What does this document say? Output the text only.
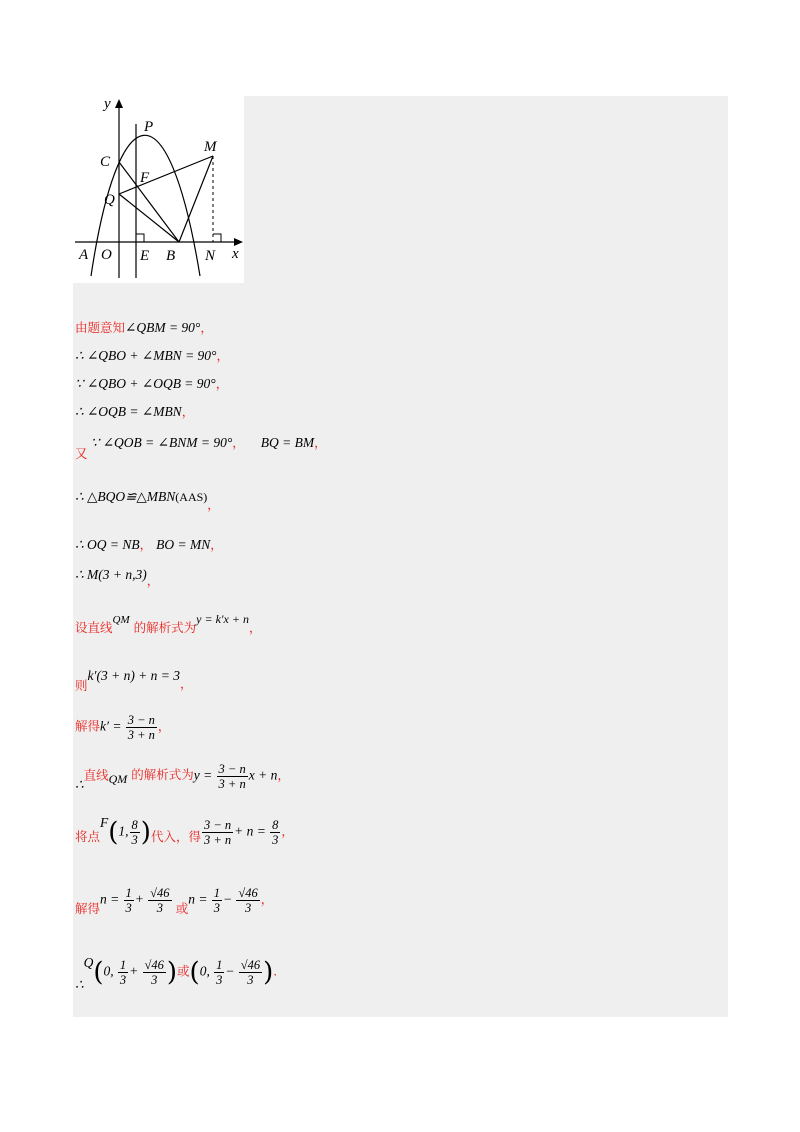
y
P
C
M
F
Q
A O E B N x
由题意知∠QBM = 90°，
∴ ∠QBO + ∠MBN = 90°，
∵ ∠QBO + ∠OQB = 90°，
∴ ∠OQB = ∠MBN，
又 ∵ ∠QOB = ∠BNM = 90°， BQ = BM，
∴ △BQO≌△MBN(AAS)，
∴ OQ = NB， BO = MN，
∴ M(3 + n,3)，
设直线$^{QM}$ 的解析式为y = k′x + n，
则k′(3 + n) + n = 3，
解得$k' = \frac{3 - n}{3 + n}$ ，
∴直线QM 的解析式为$y = \frac{3 - n}{3 + n}$ x + n，
将点F(1, $\frac{8}{3}$ )代入，得 $\frac{3 - n}{3 + n} + n = \frac{8}{3}$ ，
解得$n = \frac{1}{3} + \frac{√46}{3}$ 或$n = \frac{1}{3} - \frac{√46}{3}$ ，
∴Q(0, $\frac{1}{3} + \frac{√46}{3}$ )或(0, $\frac{1}{3} - \frac{√46}{3}$ ).
